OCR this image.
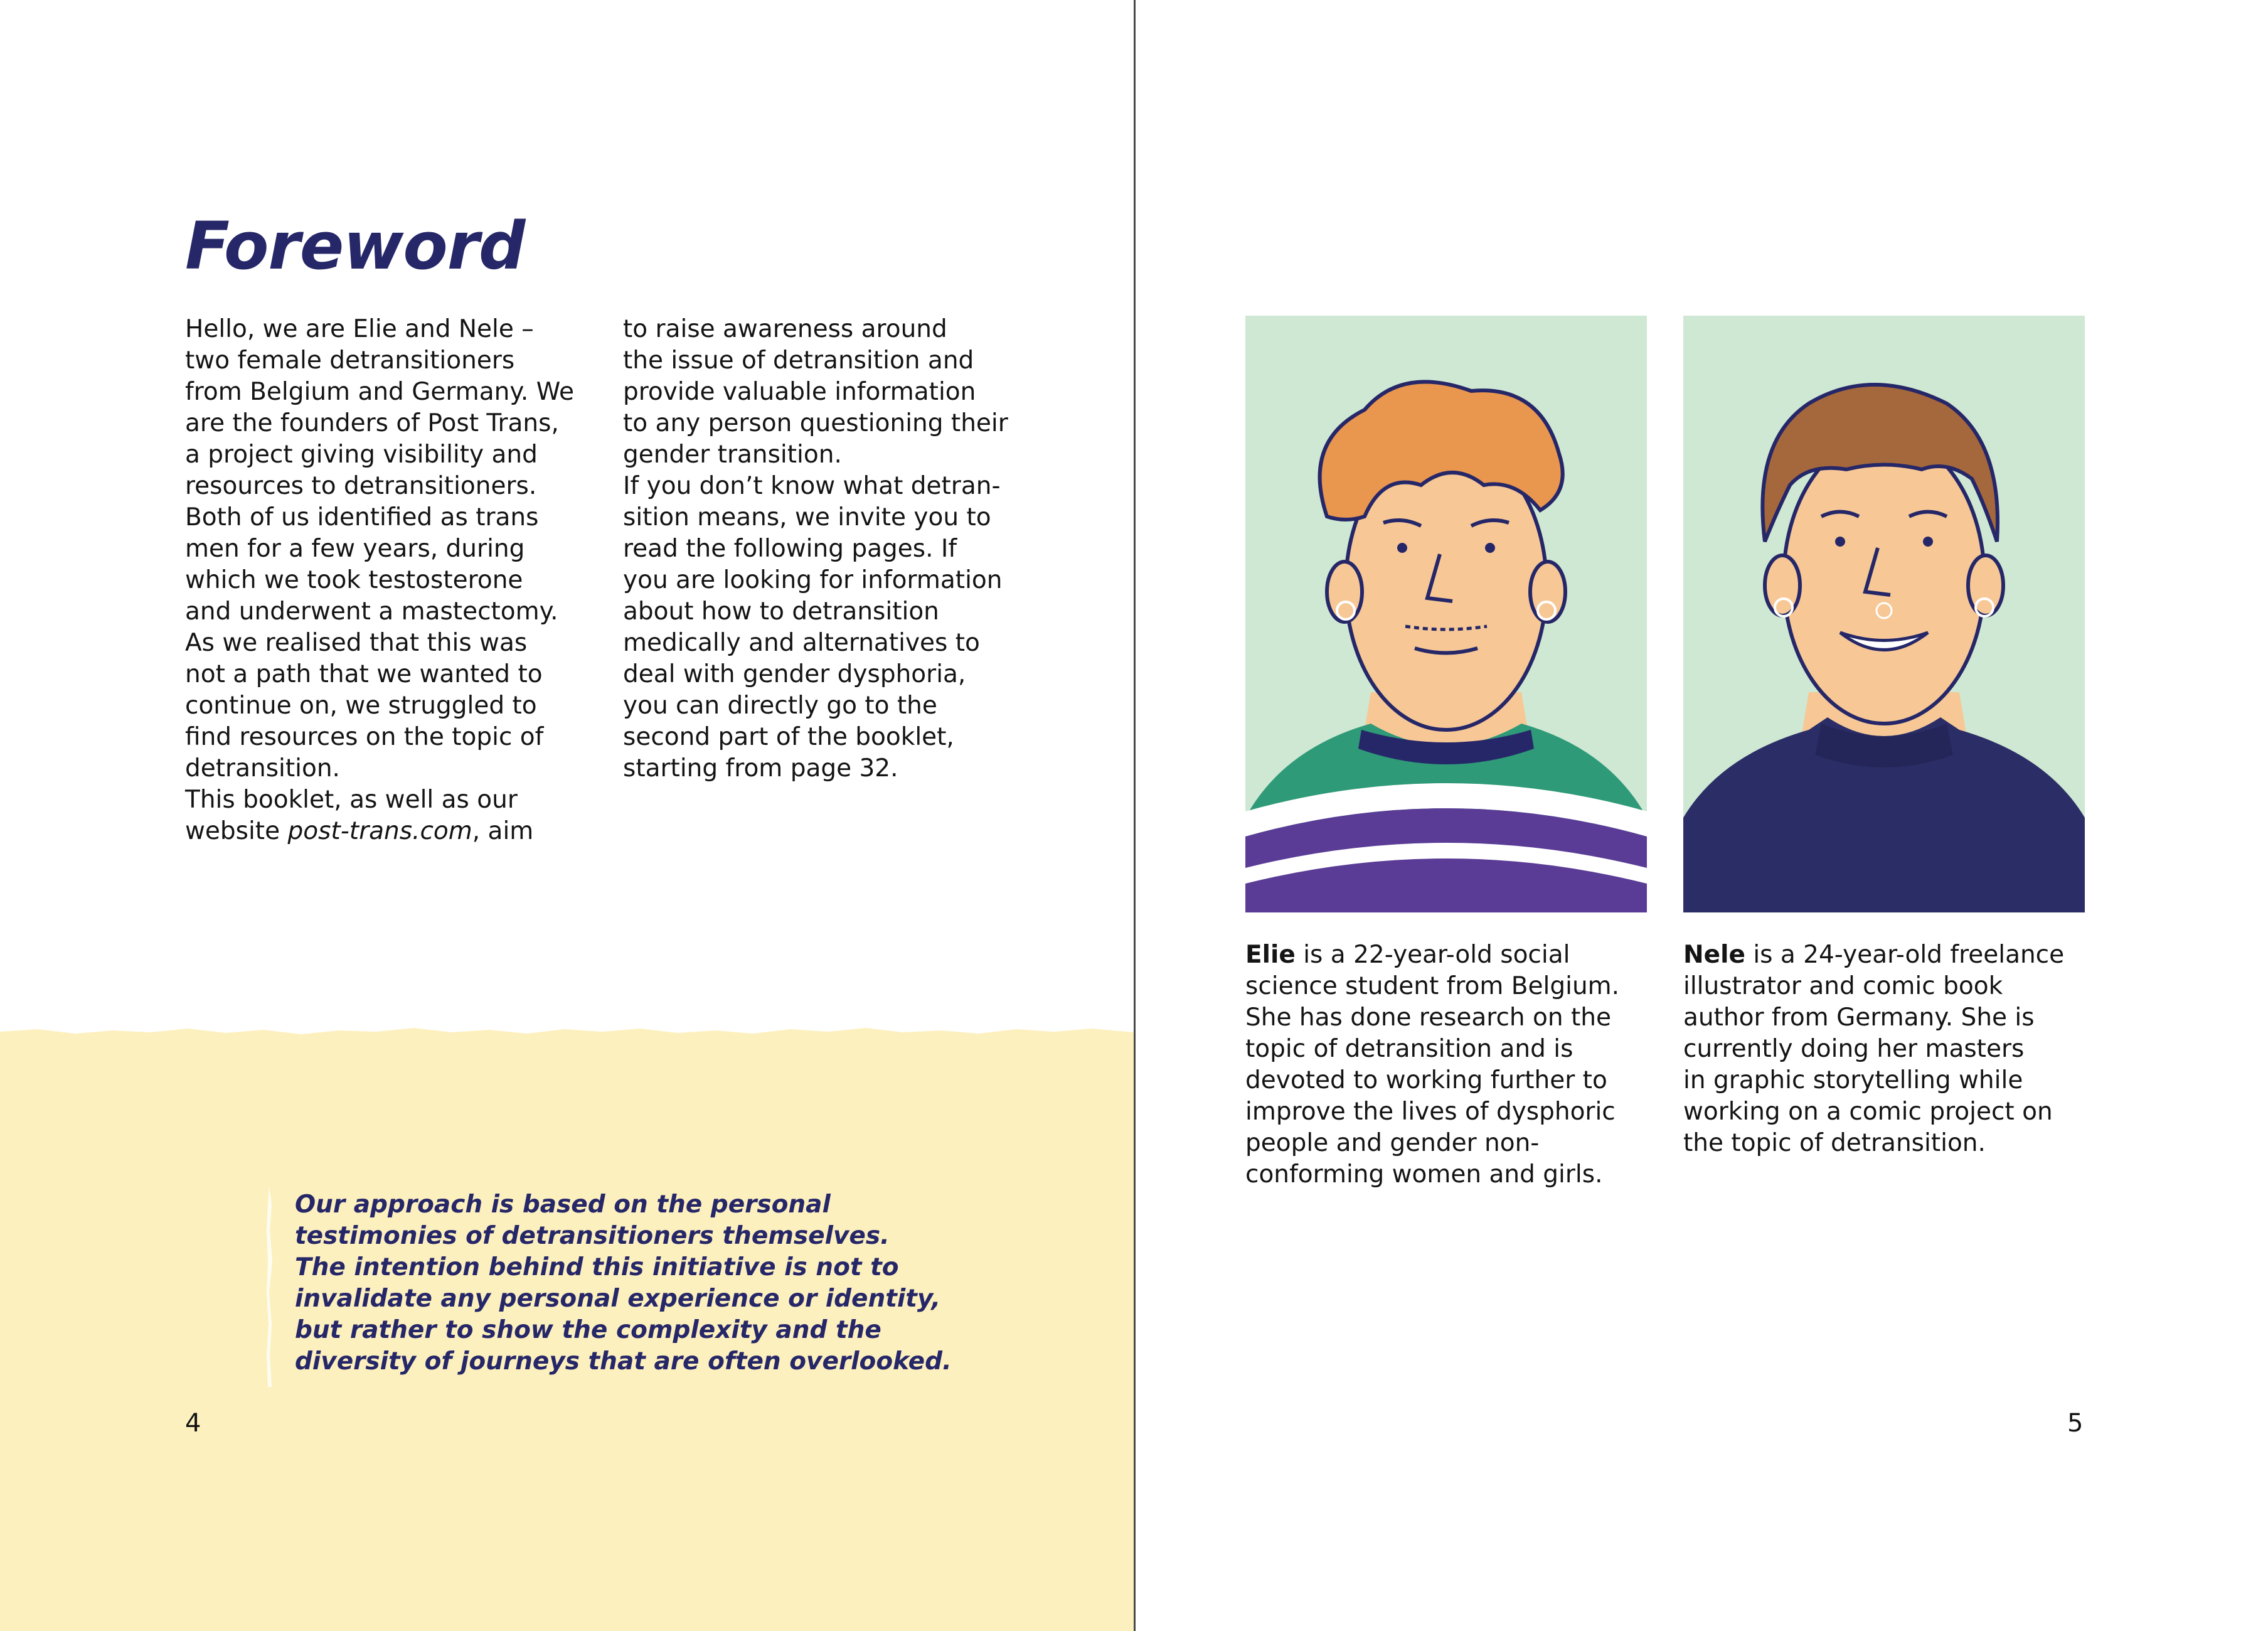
Foreword

Hello, we are Elie and Nele –

two female detransitioners

from Belgium and Germany. We

are the founders of Post Trans,

a project giving visibility and

resources to detransitioners.

Both of us identified as trans

men for a few years, during

which we took testosterone

and underwent a mastectomy.

As we realised that this was

not a path that we wanted to

continue on, we struggled to

find resources on the topic of

detransition.

This booklet, as well as our

website post-trans.com, aim

to raise awareness around

the issue of detransition and

provide valuable information

to any person questioning their

gender transition.

If you don’t know what detran-

sition means, we invite you to

read the following pages. If

you are looking for information

about how to detransition

medically and alternatives to

deal with gender dysphoria,

you can directly go to the

second part of the booklet,

starting from page 32.

Our approach is based on the personal
testimonies of detransitioners themselves.
The intention behind this initiative is not to
invalidate any personal experience or identity,
but rather to show the complexity and the
diversity of journeys that are often overlooked.
4
Elie is a 22-year-old social
science student from Belgium.
She has done research on the
topic of detransition and is
devoted to working further to
improve the lives of dysphoric
people and gender non-
conforming women and girls.
Nele is a 24-year-old freelance
illustrator and comic book
author from Germany. She is
currently doing her masters
in graphic storytelling while
working on a comic project on
the topic of detransition.
5
